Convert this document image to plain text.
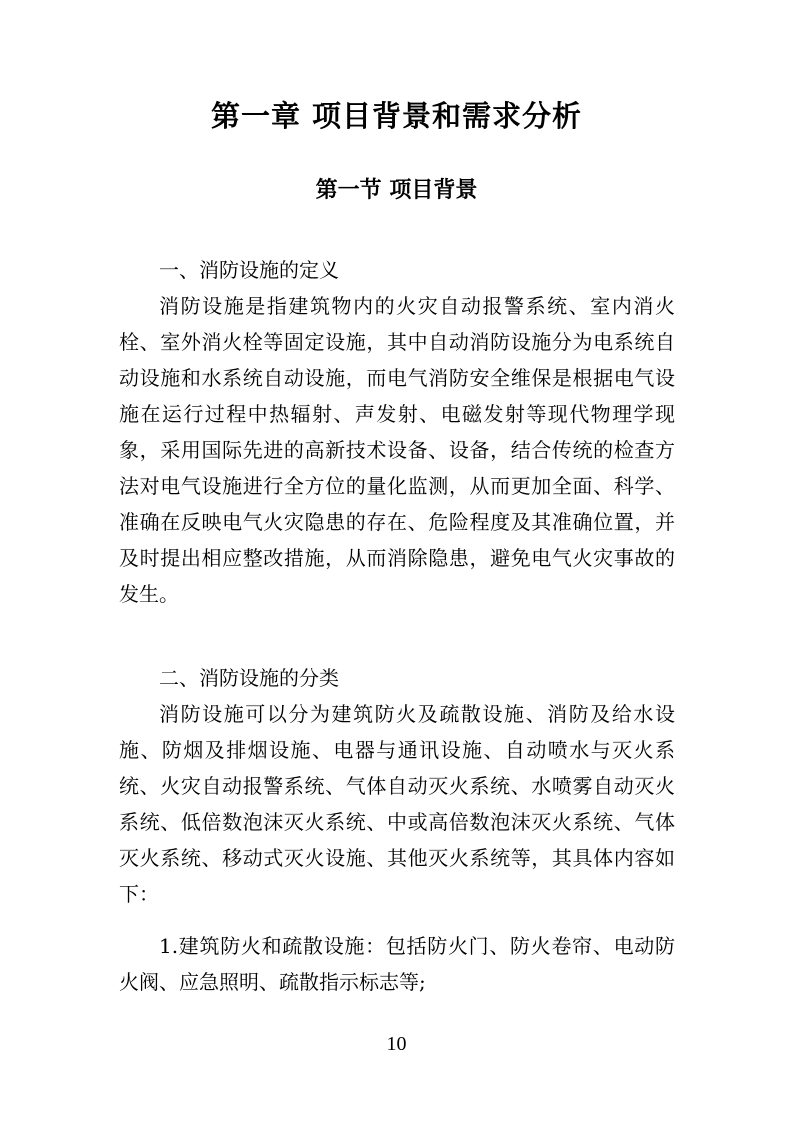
第一章 项目背景和需求分析
第一节 项目背景

一、消防设施的定义

消防设施是指建筑物内的火灾自动报警系统、室内消火栓、室外消火栓等固定设施，其中自动消防设施分为电系统自动设施和水系统自动设施，而电气消防安全维保是根据电气设施在运行过程中热辐射、声发射、电磁发射等现代物理学现象，采用国际先进的高新技术设备、设备，结合传统的检查方法对电气设施进行全方位的量化监测，从而更加全面、科学、准确在反映电气火灾隐患的存在、危险程度及其准确位置，并及时提出相应整改措施，从而消除隐患，避免电气火灾事故的发生。

二、消防设施的分类

消防设施可以分为建筑防火及疏散设施、消防及给水设施、防烟及排烟设施、电器与通讯设施、自动喷水与灭火系统、火灾自动报警系统、气体自动灭火系统、水喷雾自动灭火系统、低倍数泡沫灭火系统、中或高倍数泡沫灭火系统、气体灭火系统、移动式灭火设施、其他灭火系统等，其具体内容如下：

1.建筑防火和疏散设施：包括防火门、防火卷帘、电动防火阀、应急照明、疏散指示标志等;

10
